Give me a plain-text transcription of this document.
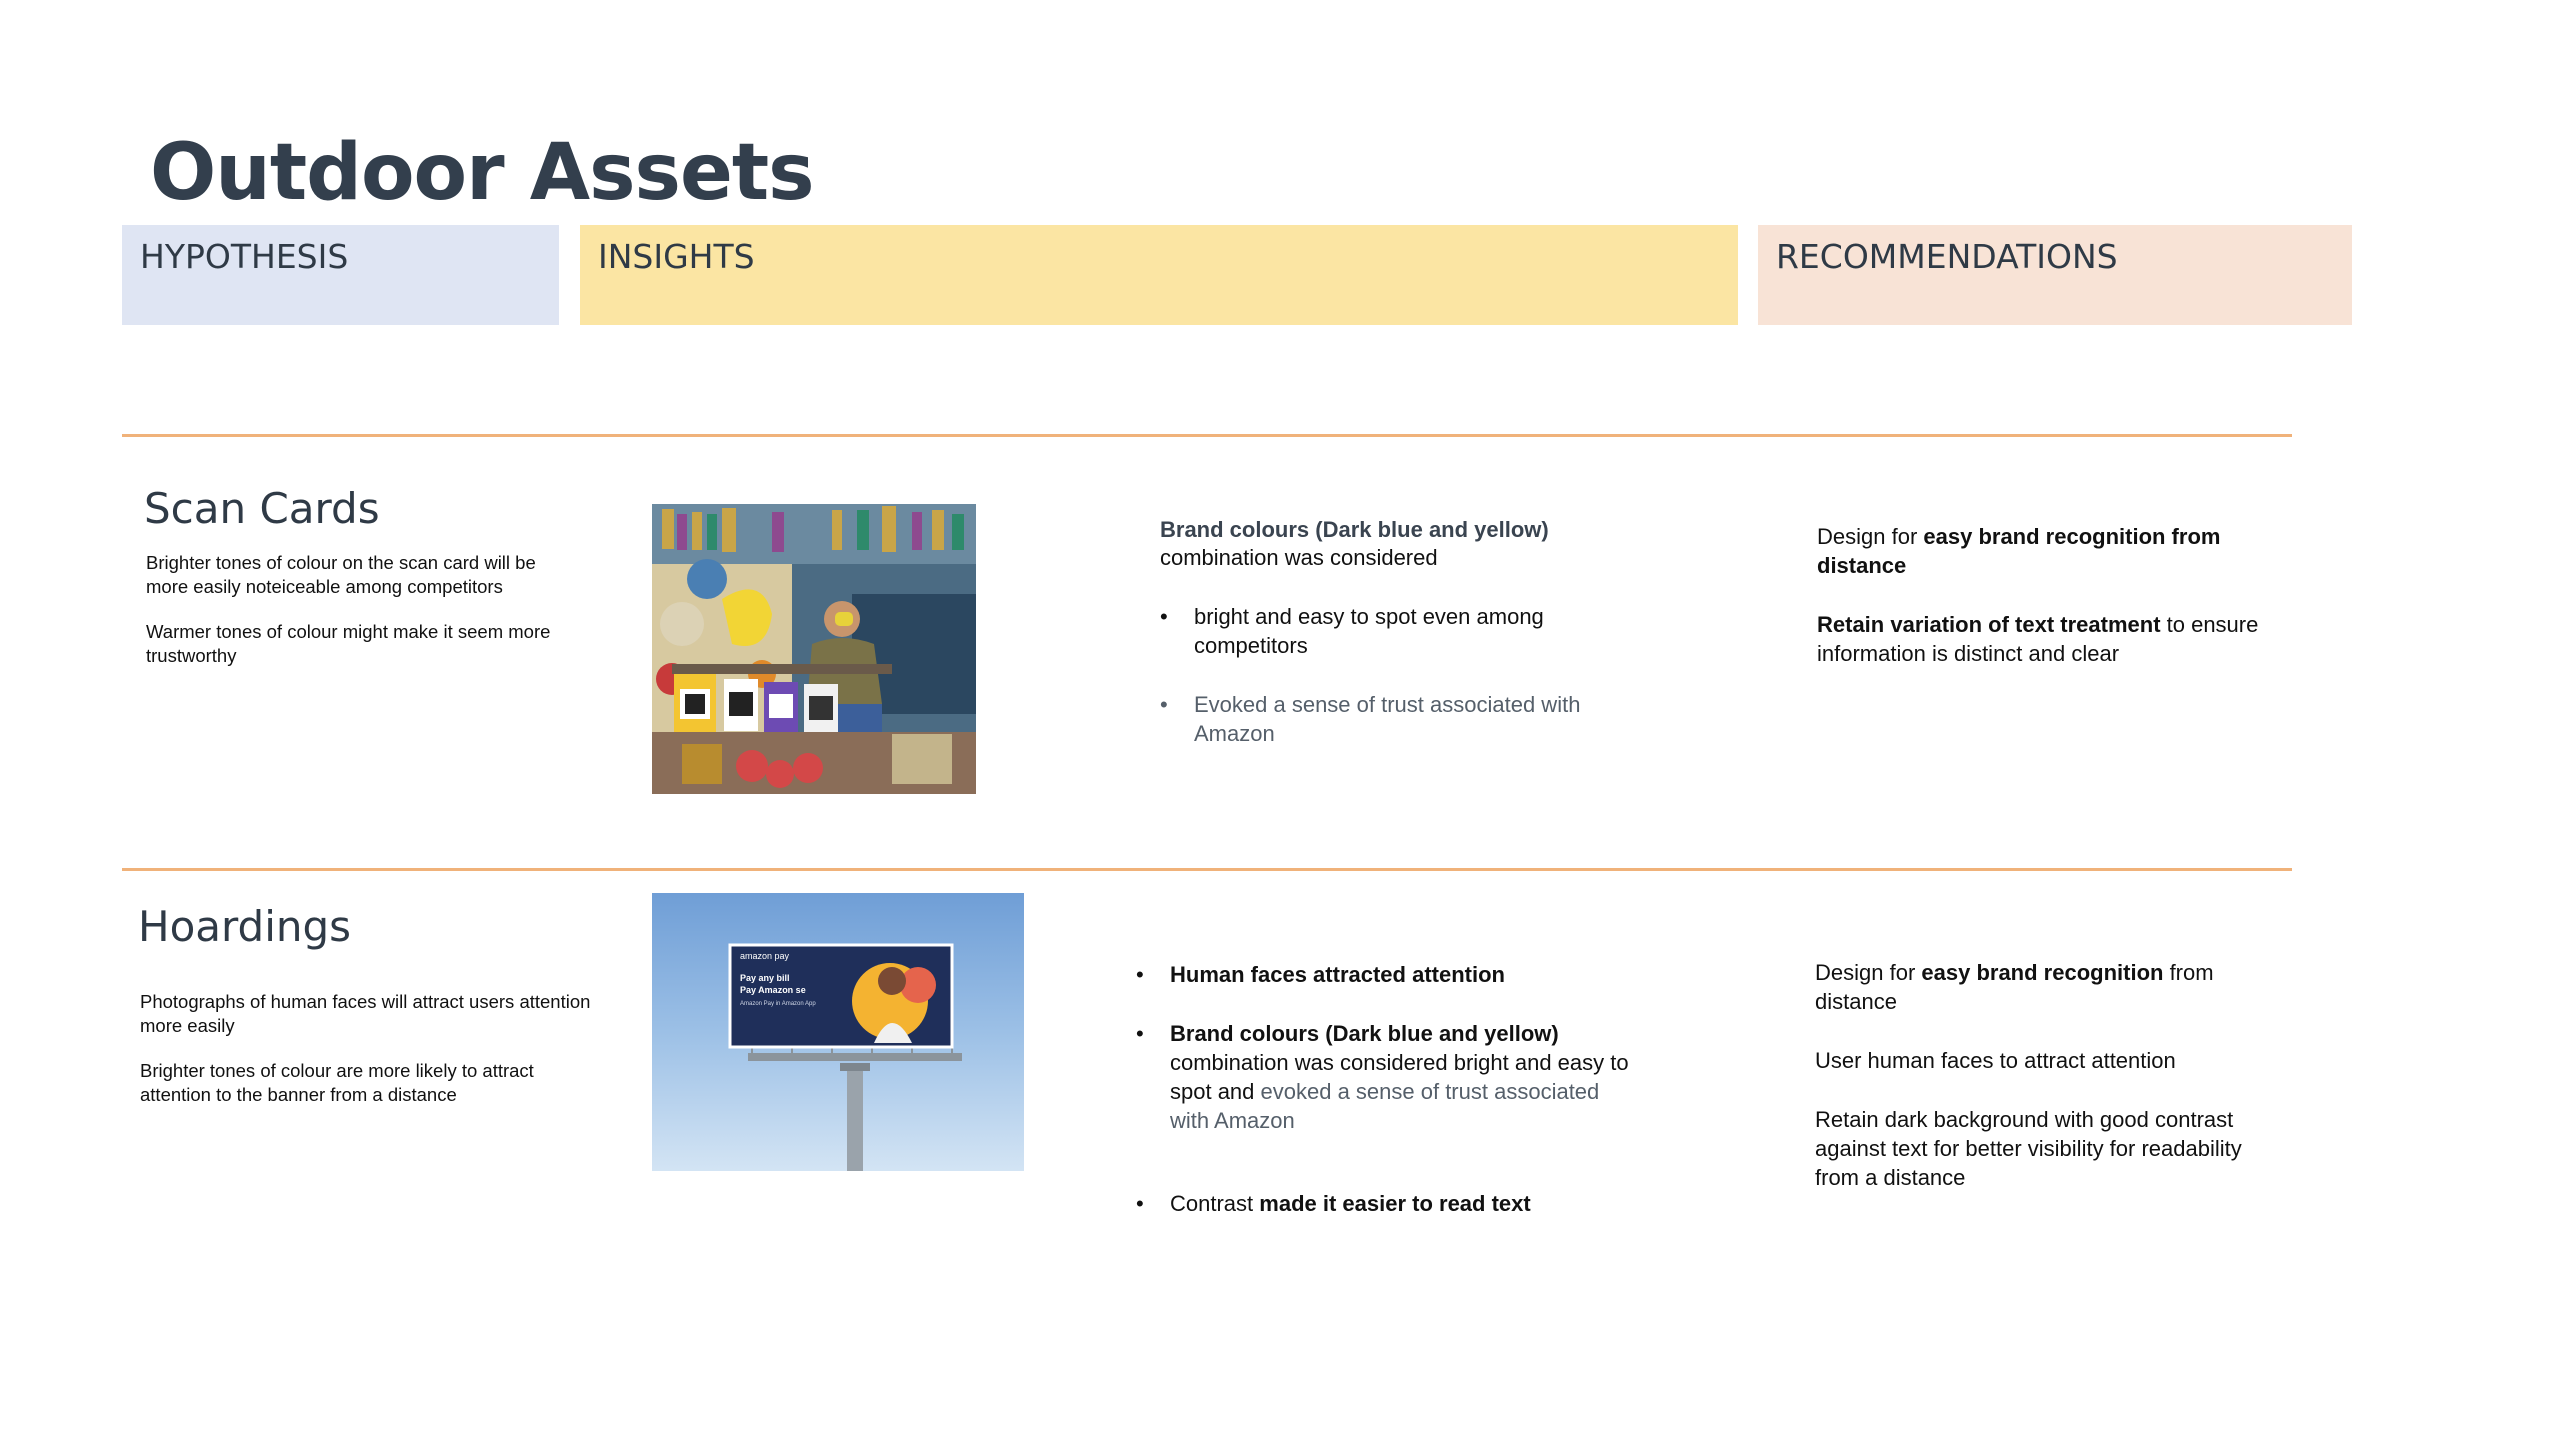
Outdoor Assets
HYPOTHESIS	INSIGHTS	RECOMMENDATIONS
Scan Cards

Brighter tones of colour on the scan card will be more easily noteiceable among competitors

Warmer tones of colour might make it seem more trustworthy

Brand colours (Dark blue and yellow)
combination was considered
• bright and easy to spot even among competitors
• Evoked a sense of trust associated with Amazon

Design for easy brand recognition from distance

Retain variation of text treatment to ensure information is distinct and clear

Hoardings

Photographs of human faces will attract users attention more easily

Brighter tones of colour are more likely to attract attention to the banner from a distance

amazon pay
Pay any bill
Pay Amazon se
Amazon Pay in Amazon App
• Human faces attracted attention
• Brand colours (Dark blue and yellow) combination was considered bright and easy to spot and evoked a sense of trust associated with Amazon
• Contrast made it easier to read text

Design for easy brand recognition from distance

User human faces to attract attention

Retain dark background with good contrast against text for better visibility for readability from a distance
